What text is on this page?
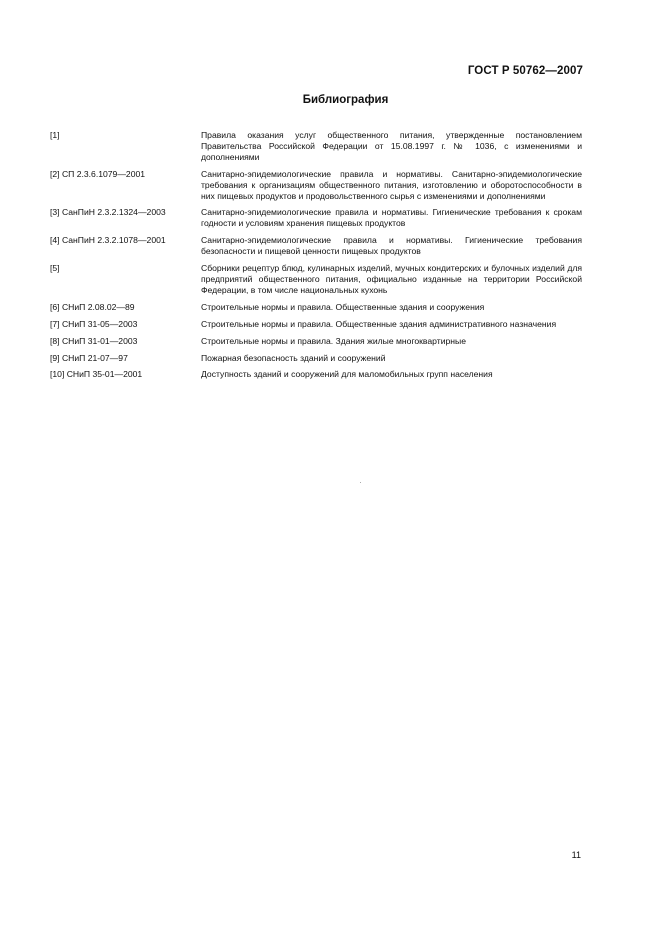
ГОСТ Р 50762—2007
Библиография
[1]	Правила оказания услуг общественного питания, утвержденные постановлением Правительства Российской Федерации от 15.08.1997 г. № 1036, с изменениями и дополнениями
[2] СП 2.3.6.1079—2001	Санитарно-эпидемиологические правила и нормативы. Санитарно-эпидемиологические требования к организациям общественного питания, изготовлению и оборотоспособности в них пищевых продуктов и продовольственного сырья с изменениями и дополнениями
[3] СанПиН 2.3.2.1324—2003	Санитарно-эпидемиологические правила и нормативы. Гигиенические требования к срокам годности и условиям хранения пищевых продуктов
[4] СанПиН 2.3.2.1078—2001	Санитарно-эпидемиологические правила и нормативы. Гигиенические требования безопасности и пищевой ценности пищевых продуктов
[5]	Сборники рецептур блюд, кулинарных изделий, мучных кондитерских и булочных изделий для предприятий общественного питания, официально изданные на территории Российской Федерации, в том числе национальных кухонь
[6] СНиП 2.08.02—89	Строительные нормы и правила. Общественные здания и сооружения
[7] СНиП 31-05—2003	Строительные нормы и правила. Общественные здания административного назначения
[8] СНиП 31-01—2003	Строительные нормы и правила. Здания жилые многоквартирные
[9] СНиП 21-07—97	Пожарная безопасность зданий и сооружений
[10] СНиП 35-01—2001	Доступность зданий и сооружений для маломобильных групп населения
11
